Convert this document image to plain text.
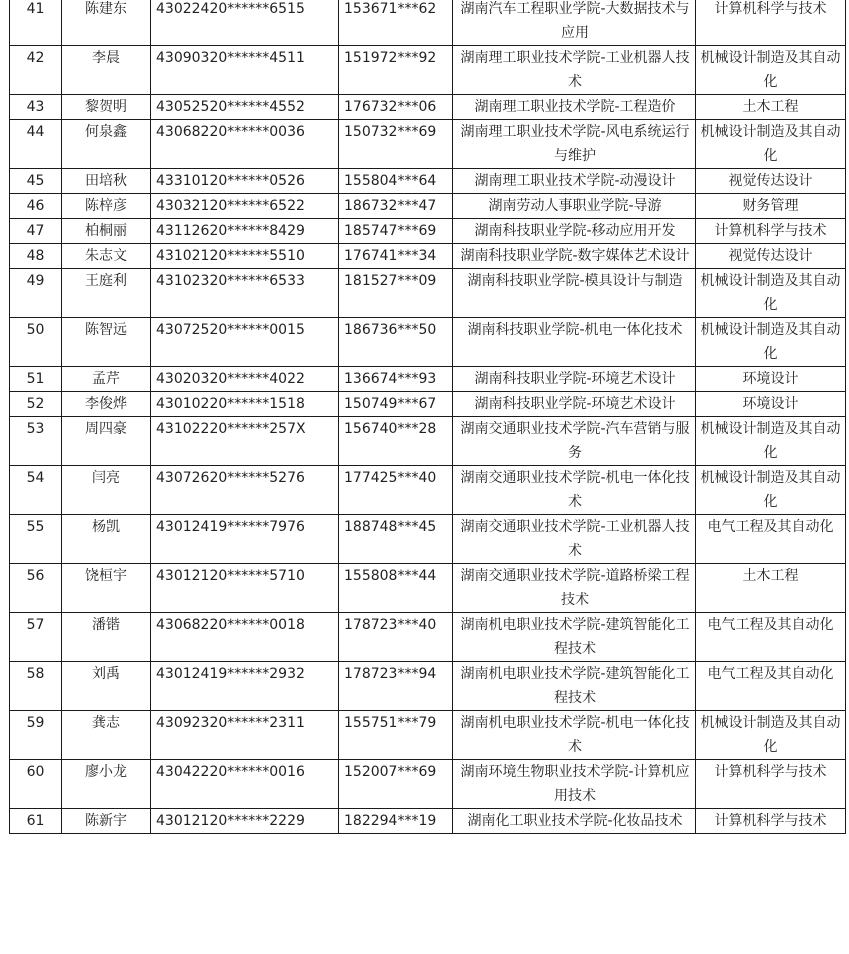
41	陈建东	43022420******6515	153671***62	湖南汽车工程职业学院-大数据技术与应用	计算机科学与技术
42	李晨	43090320******4511	151972***92	湖南理工职业技术学院-工业机器人技术	机械设计制造及其自动化
43	黎贺明	43052520******4552	176732***06	湖南理工职业技术学院-工程造价	土木工程
44	何泉鑫	43068220******0036	150732***69	湖南理工职业技术学院-风电系统运行与维护	机械设计制造及其自动化
45	田培秋	43310120******0526	155804***64	湖南理工职业技术学院-动漫设计	视觉传达设计
46	陈梓彦	43032120******6522	186732***47	湖南劳动人事职业学院-导游	财务管理
47	柏桐丽	43112620******8429	185747***69	湖南科技职业学院-移动应用开发	计算机科学与技术
48	朱志文	43102120******5510	176741***34	湖南科技职业学院-数字媒体艺术设计	视觉传达设计
49	王庭利	43102320******6533	181527***09	湖南科技职业学院-模具设计与制造	机械设计制造及其自动化
50	陈智远	43072520******0015	186736***50	湖南科技职业学院-机电一体化技术	机械设计制造及其自动化
51	孟芹	43020320******4022	136674***93	湖南科技职业学院-环境艺术设计	环境设计
52	李俊烨	43010220******1518	150749***67	湖南科技职业学院-环境艺术设计	环境设计
53	周四豪	43102220******257X	156740***28	湖南交通职业技术学院-汽车营销与服务	机械设计制造及其自动化
54	闫亮	43072620******5276	177425***40	湖南交通职业技术学院-机电一体化技术	机械设计制造及其自动化
55	杨凯	43012419******7976	188748***45	湖南交通职业技术学院-工业机器人技术	电气工程及其自动化
56	饶桓宇	43012120******5710	155808***44	湖南交通职业技术学院-道路桥梁工程技术	土木工程
57	潘锴	43068220******0018	178723***40	湖南机电职业技术学院-建筑智能化工程技术	电气工程及其自动化
58	刘禹	43012419******2932	178723***94	湖南机电职业技术学院-建筑智能化工程技术	电气工程及其自动化
59	龚志	43092320******2311	155751***79	湖南机电职业技术学院-机电一体化技术	机械设计制造及其自动化
60	廖小龙	43042220******0016	152007***69	湖南环境生物职业技术学院-计算机应用技术	计算机科学与技术
61	陈新宇	43012120******2229	182294***19	湖南化工职业技术学院-化妆品技术	计算机科学与技术
